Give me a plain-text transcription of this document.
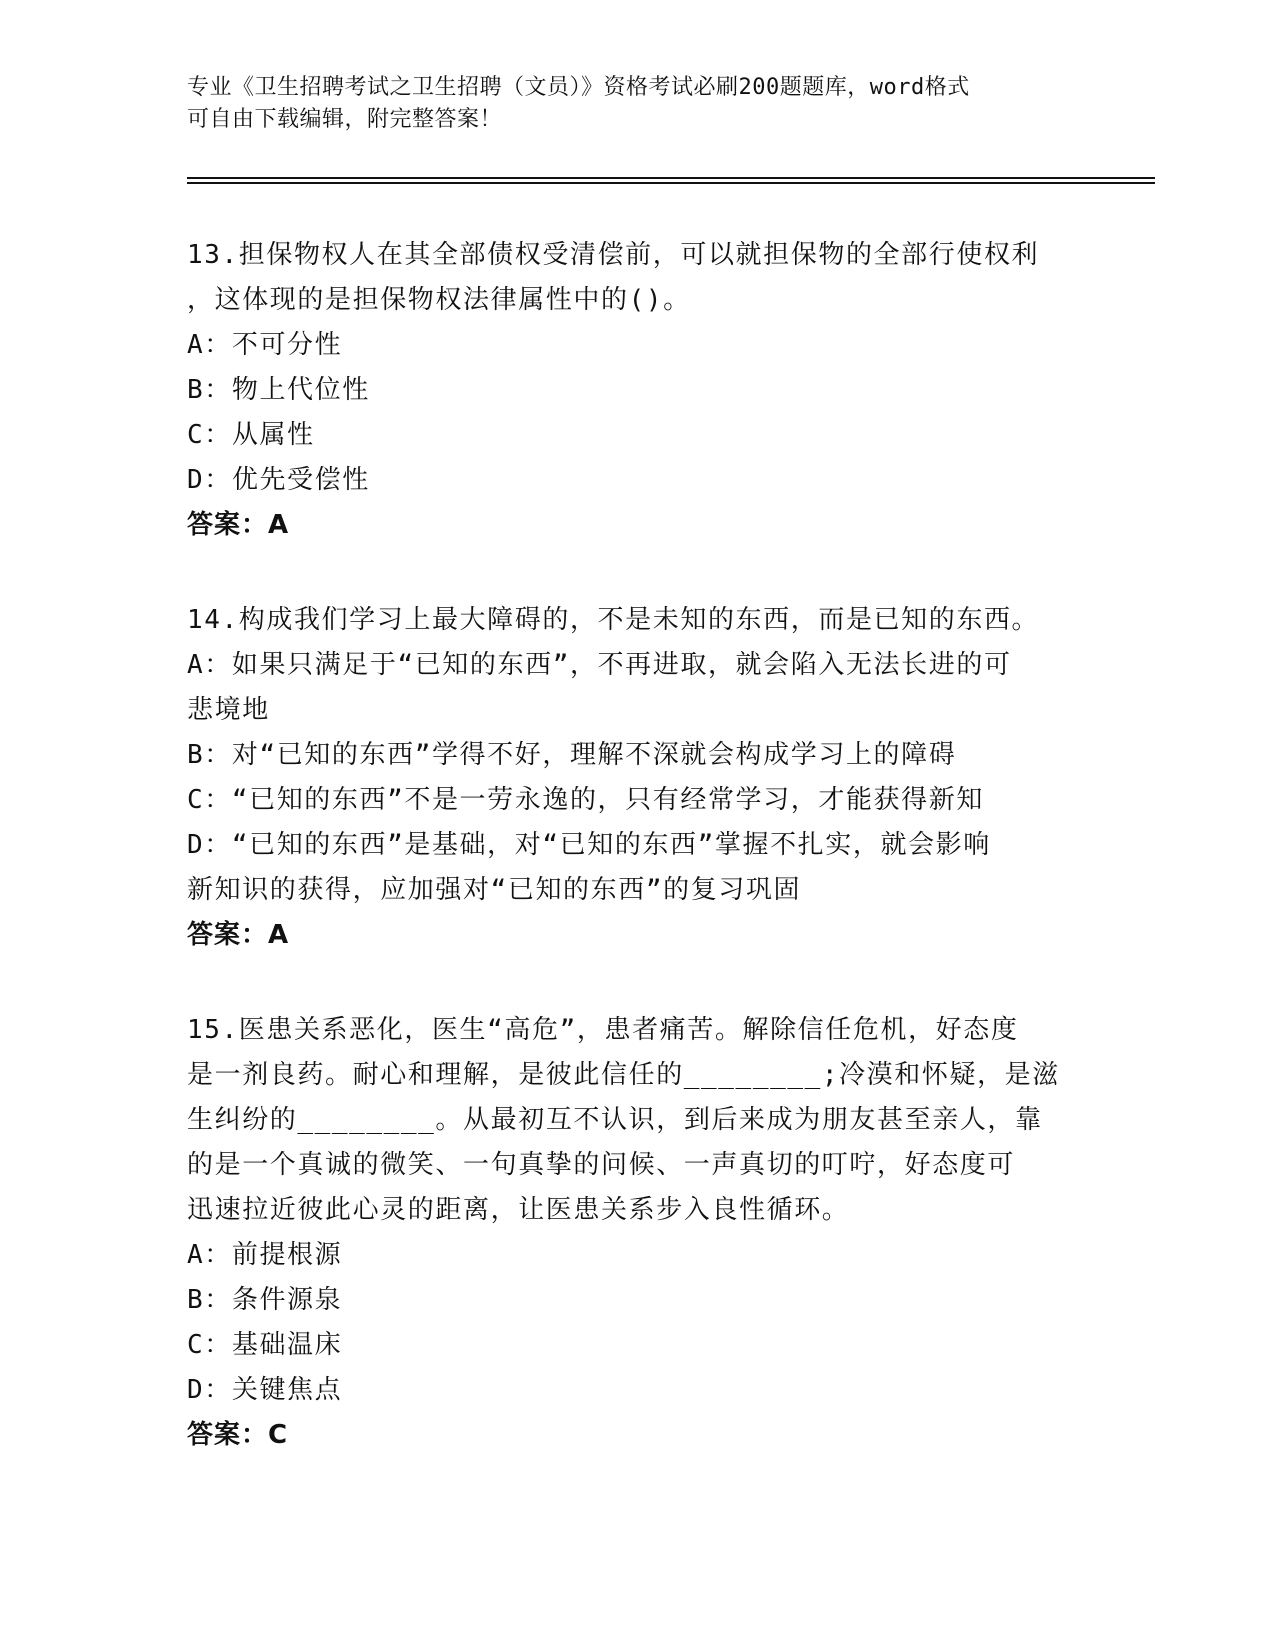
专业《卫生招聘考试之卫生招聘（文员）》资格考试必刷200题题库，word格式
可自由下载编辑，附完整答案！
13.担保物权人在其全部债权受清偿前，可以就担保物的全部行使权利
，这体现的是担保物权法律属性中的()。
A：不可分性
B：物上代位性
C：从属性
D：优先受偿性
答案：A
14.构成我们学习上最大障碍的，不是未知的东西，而是已知的东西。
A：如果只满足于“已知的东西”，不再进取，就会陷入无法长进的可
悲境地
B：对“已知的东西”学得不好，理解不深就会构成学习上的障碍
C：“已知的东西”不是一劳永逸的，只有经常学习，才能获得新知
D：“已知的东西”是基础，对“已知的东西”掌握不扎实，就会影响
新知识的获得，应加强对“已知的东西”的复习巩固
答案：A
15.医患关系恶化，医生“高危”，患者痛苦。解除信任危机，好态度
是一剂良药。耐心和理解，是彼此信任的________;冷漠和怀疑，是滋
生纠纷的________。从最初互不认识，到后来成为朋友甚至亲人，靠
的是一个真诚的微笑、一句真挚的问候、一声真切的叮咛，好态度可
迅速拉近彼此心灵的距离，让医患关系步入良性循环。
A：前提根源
B：条件源泉
C：基础温床
D：关键焦点
答案：C
